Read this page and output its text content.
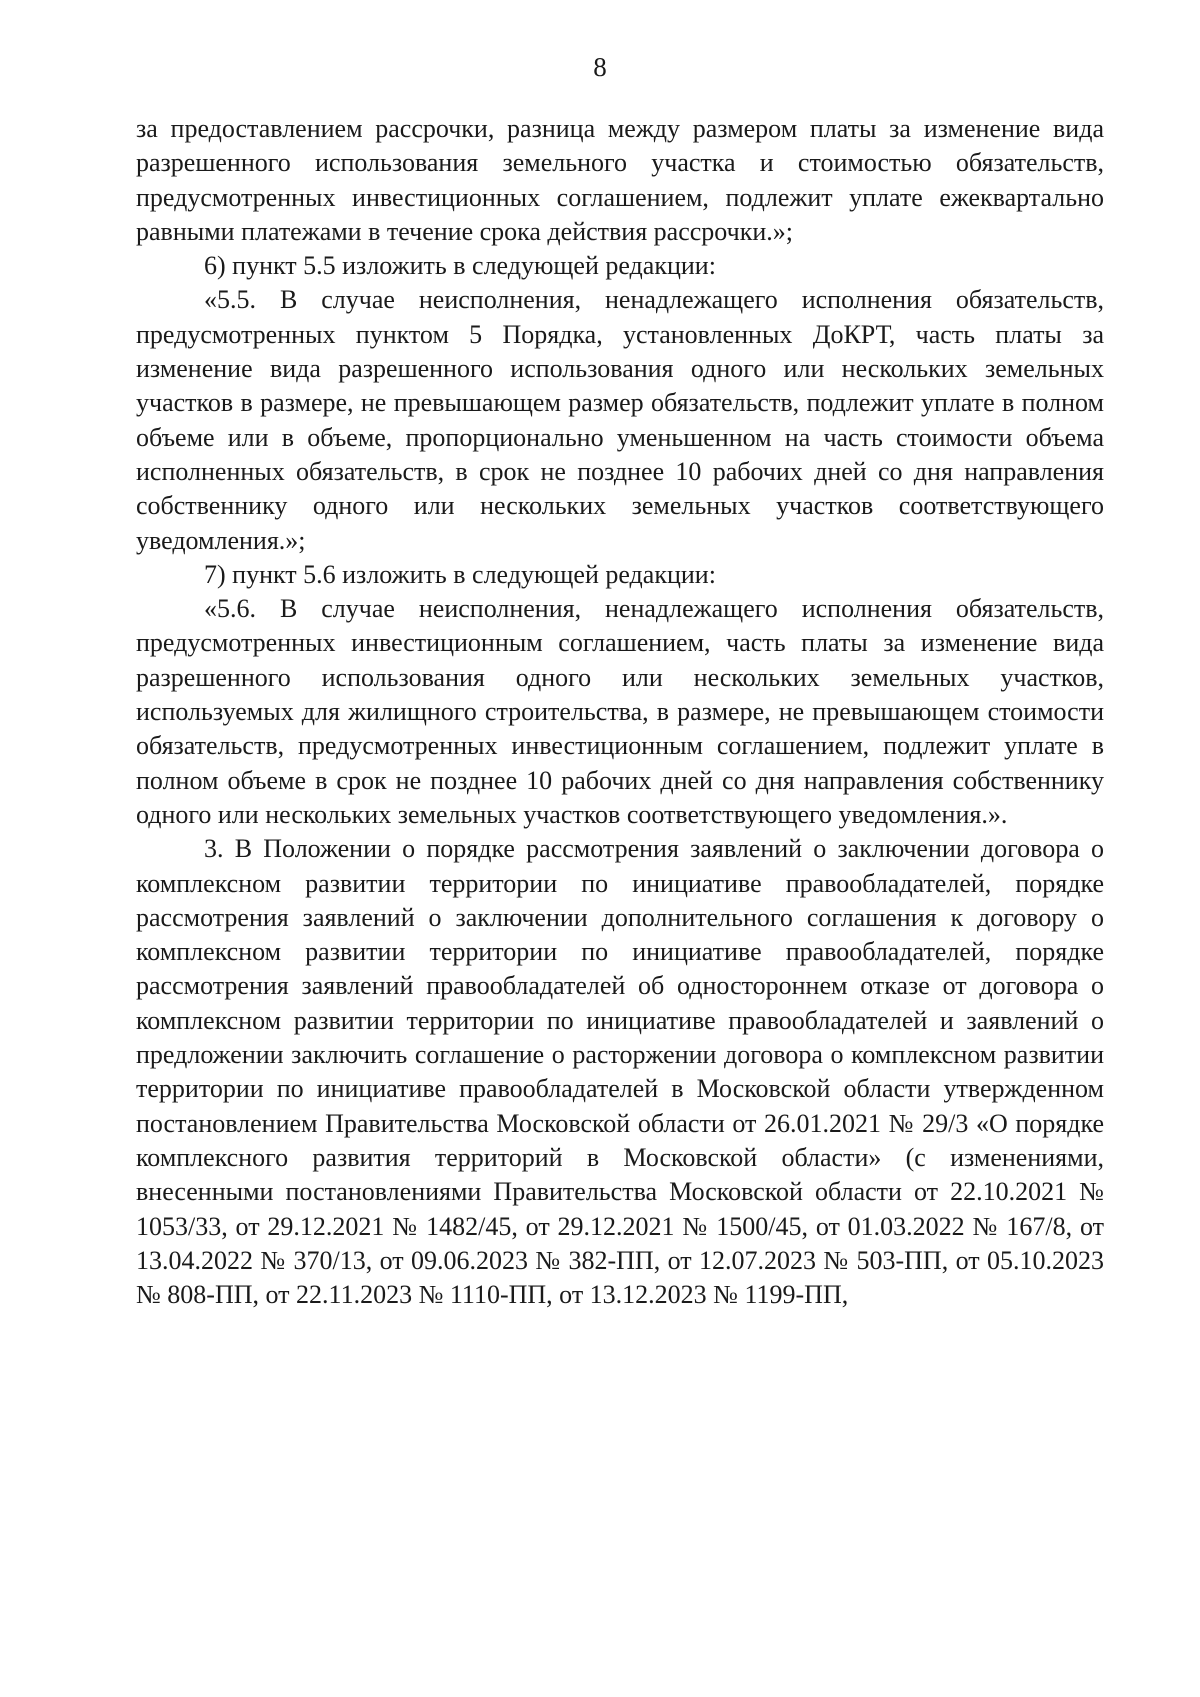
8

за предоставлением рассрочки, разница между размером платы за изменение вида разрешенного использования земельного участка и стоимостью обязательств, предусмотренных инвестиционных соглашением, подлежит уплате ежеквартально равными платежами в течение срока действия рассрочки.»;

6) пункт 5.5 изложить в следующей редакции:

«5.5. В случае неисполнения, ненадлежащего исполнения обязательств, предусмотренных пунктом 5 Порядка, установленных ДоКРТ, часть платы за изменение вида разрешенного использования одного или нескольких земельных участков в размере, не превышающем размер обязательств, подлежит уплате в полном объеме или в объеме, пропорционально уменьшенном на часть стоимости объема исполненных обязательств, в срок не позднее 10 рабочих дней со дня направления собственнику одного или нескольких земельных участков соответствующего уведомления.»;

7) пункт 5.6 изложить в следующей редакции:

«5.6. В случае неисполнения, ненадлежащего исполнения обязательств, предусмотренных инвестиционным соглашением, часть платы за изменение вида разрешенного использования одного или нескольких земельных участков, используемых для жилищного строительства, в размере, не превышающем стоимости обязательств, предусмотренных инвестиционным соглашением, подлежит уплате в полном объеме в срок не позднее 10 рабочих дней со дня направления собственнику одного или нескольких земельных участков соответствующего уведомления.».

3. В Положении о порядке рассмотрения заявлений о заключении договора о комплексном развитии территории по инициативе правообладателей, порядке рассмотрения заявлений о заключении дополнительного соглашения к договору о комплексном развитии территории по инициативе правообладателей, порядке рассмотрения заявлений правообладателей об одностороннем отказе от договора о комплексном развитии территории по инициативе правообладателей и заявлений о предложении заключить соглашение о расторжении договора о комплексном развитии территории по инициативе правообладателей в Московской области утвержденном постановлением Правительства Московской области от 26.01.2021 № 29/3 «О порядке комплексного развития территорий в Московской области» (с изменениями, внесенными постановлениями Правительства Московской области от 22.10.2021 № 1053/33, от 29.12.2021 № 1482/45, от 29.12.2021 № 1500/45, от 01.03.2022 № 167/8, от 13.04.2022 № 370/13, от 09.06.2023 № 382-ПП, от 12.07.2023 № 503-ПП, от 05.10.2023 № 808-ПП, от 22.11.2023 № 1110-ПП, от 13.12.2023 № 1199-ПП,
